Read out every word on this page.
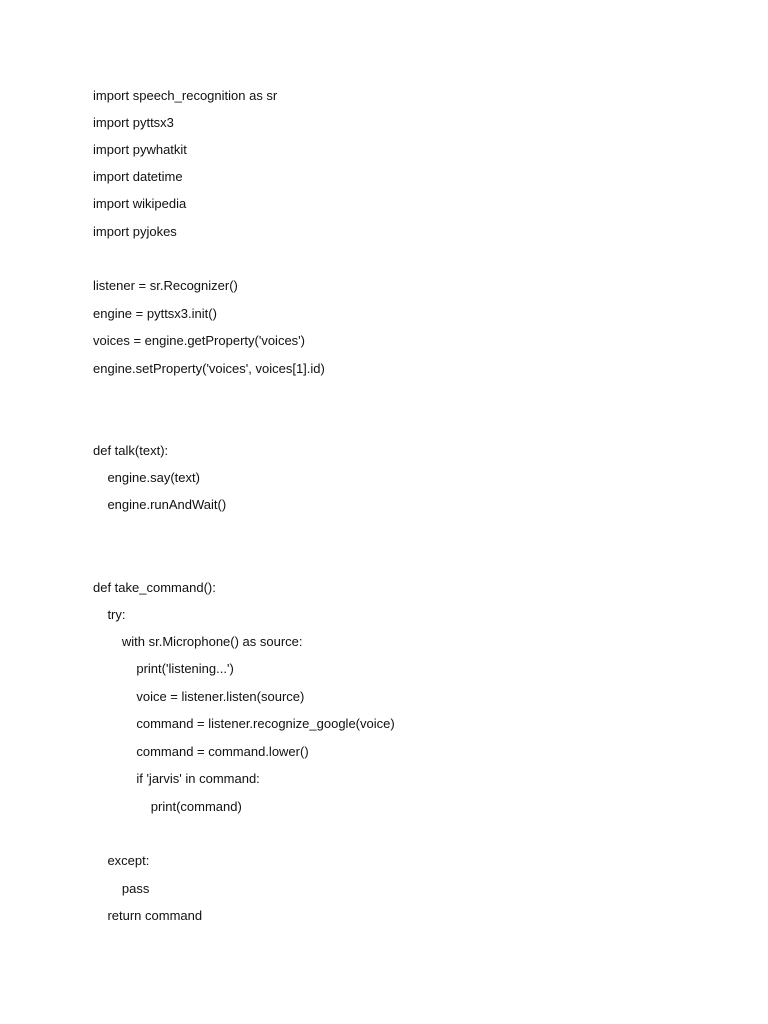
import speech_recognition as sr
import pyttsx3
import pywhatkit
import datetime
import wikipedia
import pyjokes
listener = sr.Recognizer()
engine = pyttsx3.init()
voices = engine.getProperty('voices')
engine.setProperty('voices', voices[1].id)
def talk(text):
engine.say(text)
engine.runAndWait()
def take_command():
try:
with sr.Microphone() as source:
print('listening...')
voice = listener.listen(source)
command = listener.recognize_google(voice)
command = command.lower()
if 'jarvis' in command:
print(command)
except:
pass
return command
